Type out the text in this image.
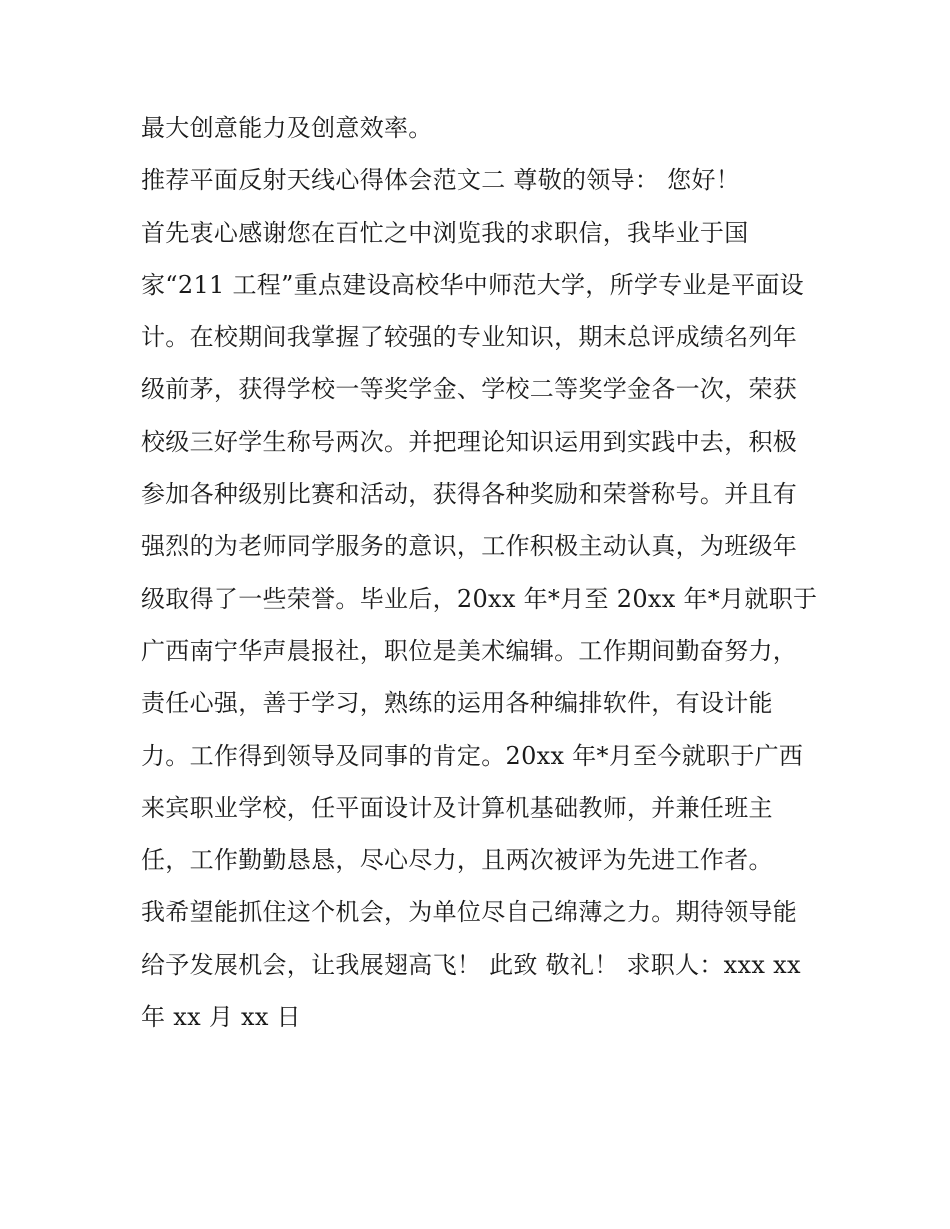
最大创意能力及创意效率。
推荐平面反射天线心得体会范文二 尊敬的领导： 您好！
首先衷心感谢您在百忙之中浏览我的求职信，我毕业于国
家“211 工程”重点建设高校华中师范大学，所学专业是平面设
计。在校期间我掌握了较强的专业知识，期末总评成绩名列年
级前茅，获得学校一等奖学金、学校二等奖学金各一次，荣获
校级三好学生称号两次。并把理论知识运用到实践中去，积极
参加各种级别比赛和活动，获得各种奖励和荣誉称号。并且有
强烈的为老师同学服务的意识，工作积极主动认真，为班级年
级取得了一些荣誉。毕业后，20xx 年*月至 20xx 年*月就职于
广西南宁华声晨报社，职位是美术编辑。工作期间勤奋努力，
责任心强，善于学习，熟练的运用各种编排软件，有设计能
力。工作得到领导及同事的肯定。20xx 年*月至今就职于广西
来宾职业学校，任平面设计及计算机基础教师，并兼任班主
任，工作勤勤恳恳，尽心尽力，且两次被评为先进工作者。
我希望能抓住这个机会，为单位尽自己绵薄之力。期待领导能
给予发展机会，让我展翅高飞！ 此致 敬礼！ 求职人：xxx xx
年 xx 月 xx 日
